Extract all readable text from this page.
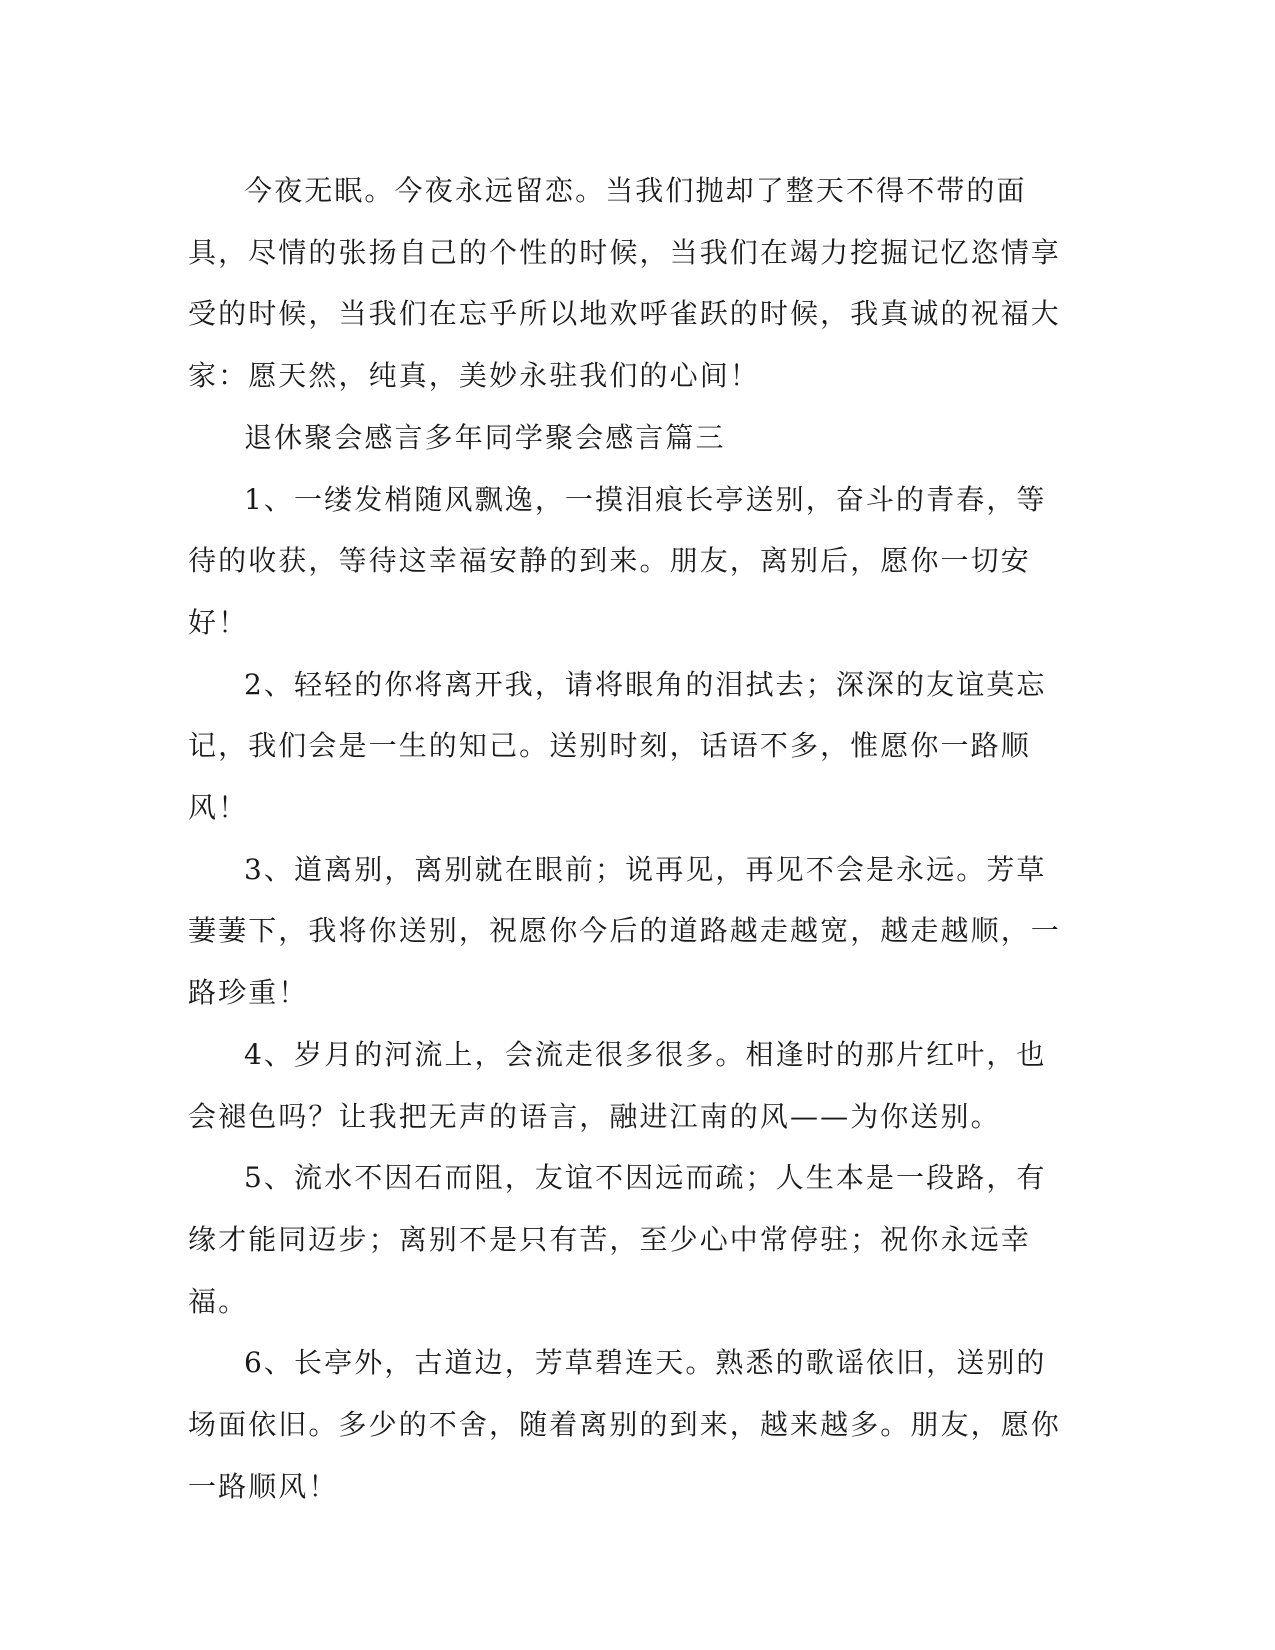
今夜无眠。今夜永远留恋。当我们抛却了整天不得不带的面具，尽情的张扬自己的个性的时候，当我们在竭力挖掘记忆恣情享受的时候，当我们在忘乎所以地欢呼雀跃的时候，我真诚的祝福大家：愿天然，纯真，美妙永驻我们的心间！

退休聚会感言多年同学聚会感言篇三

1、一缕发梢随风飘逸，一摸泪痕长亭送别，奋斗的青春，等待的收获，等待这幸福安静的到来。朋友，离别后，愿你一切安好！

2、轻轻的你将离开我，请将眼角的泪拭去；深深的友谊莫忘记，我们会是一生的知己。送别时刻，话语不多，惟愿你一路顺风！

3、道离别，离别就在眼前；说再见，再见不会是永远。芳草萋萋下，我将你送别，祝愿你今后的道路越走越宽，越走越顺，一路珍重！

4、岁月的河流上，会流走很多很多。相逢时的那片红叶，也会褪色吗？让我把无声的语言，融进江南的风——为你送别。

5、流水不因石而阻，友谊不因远而疏；人生本是一段路，有缘才能同迈步；离别不是只有苦，至少心中常停驻；祝你永远幸福。

6、长亭外，古道边，芳草碧连天。熟悉的歌谣依旧，送别的场面依旧。多少的不舍，随着离别的到来，越来越多。朋友，愿你一路顺风！
